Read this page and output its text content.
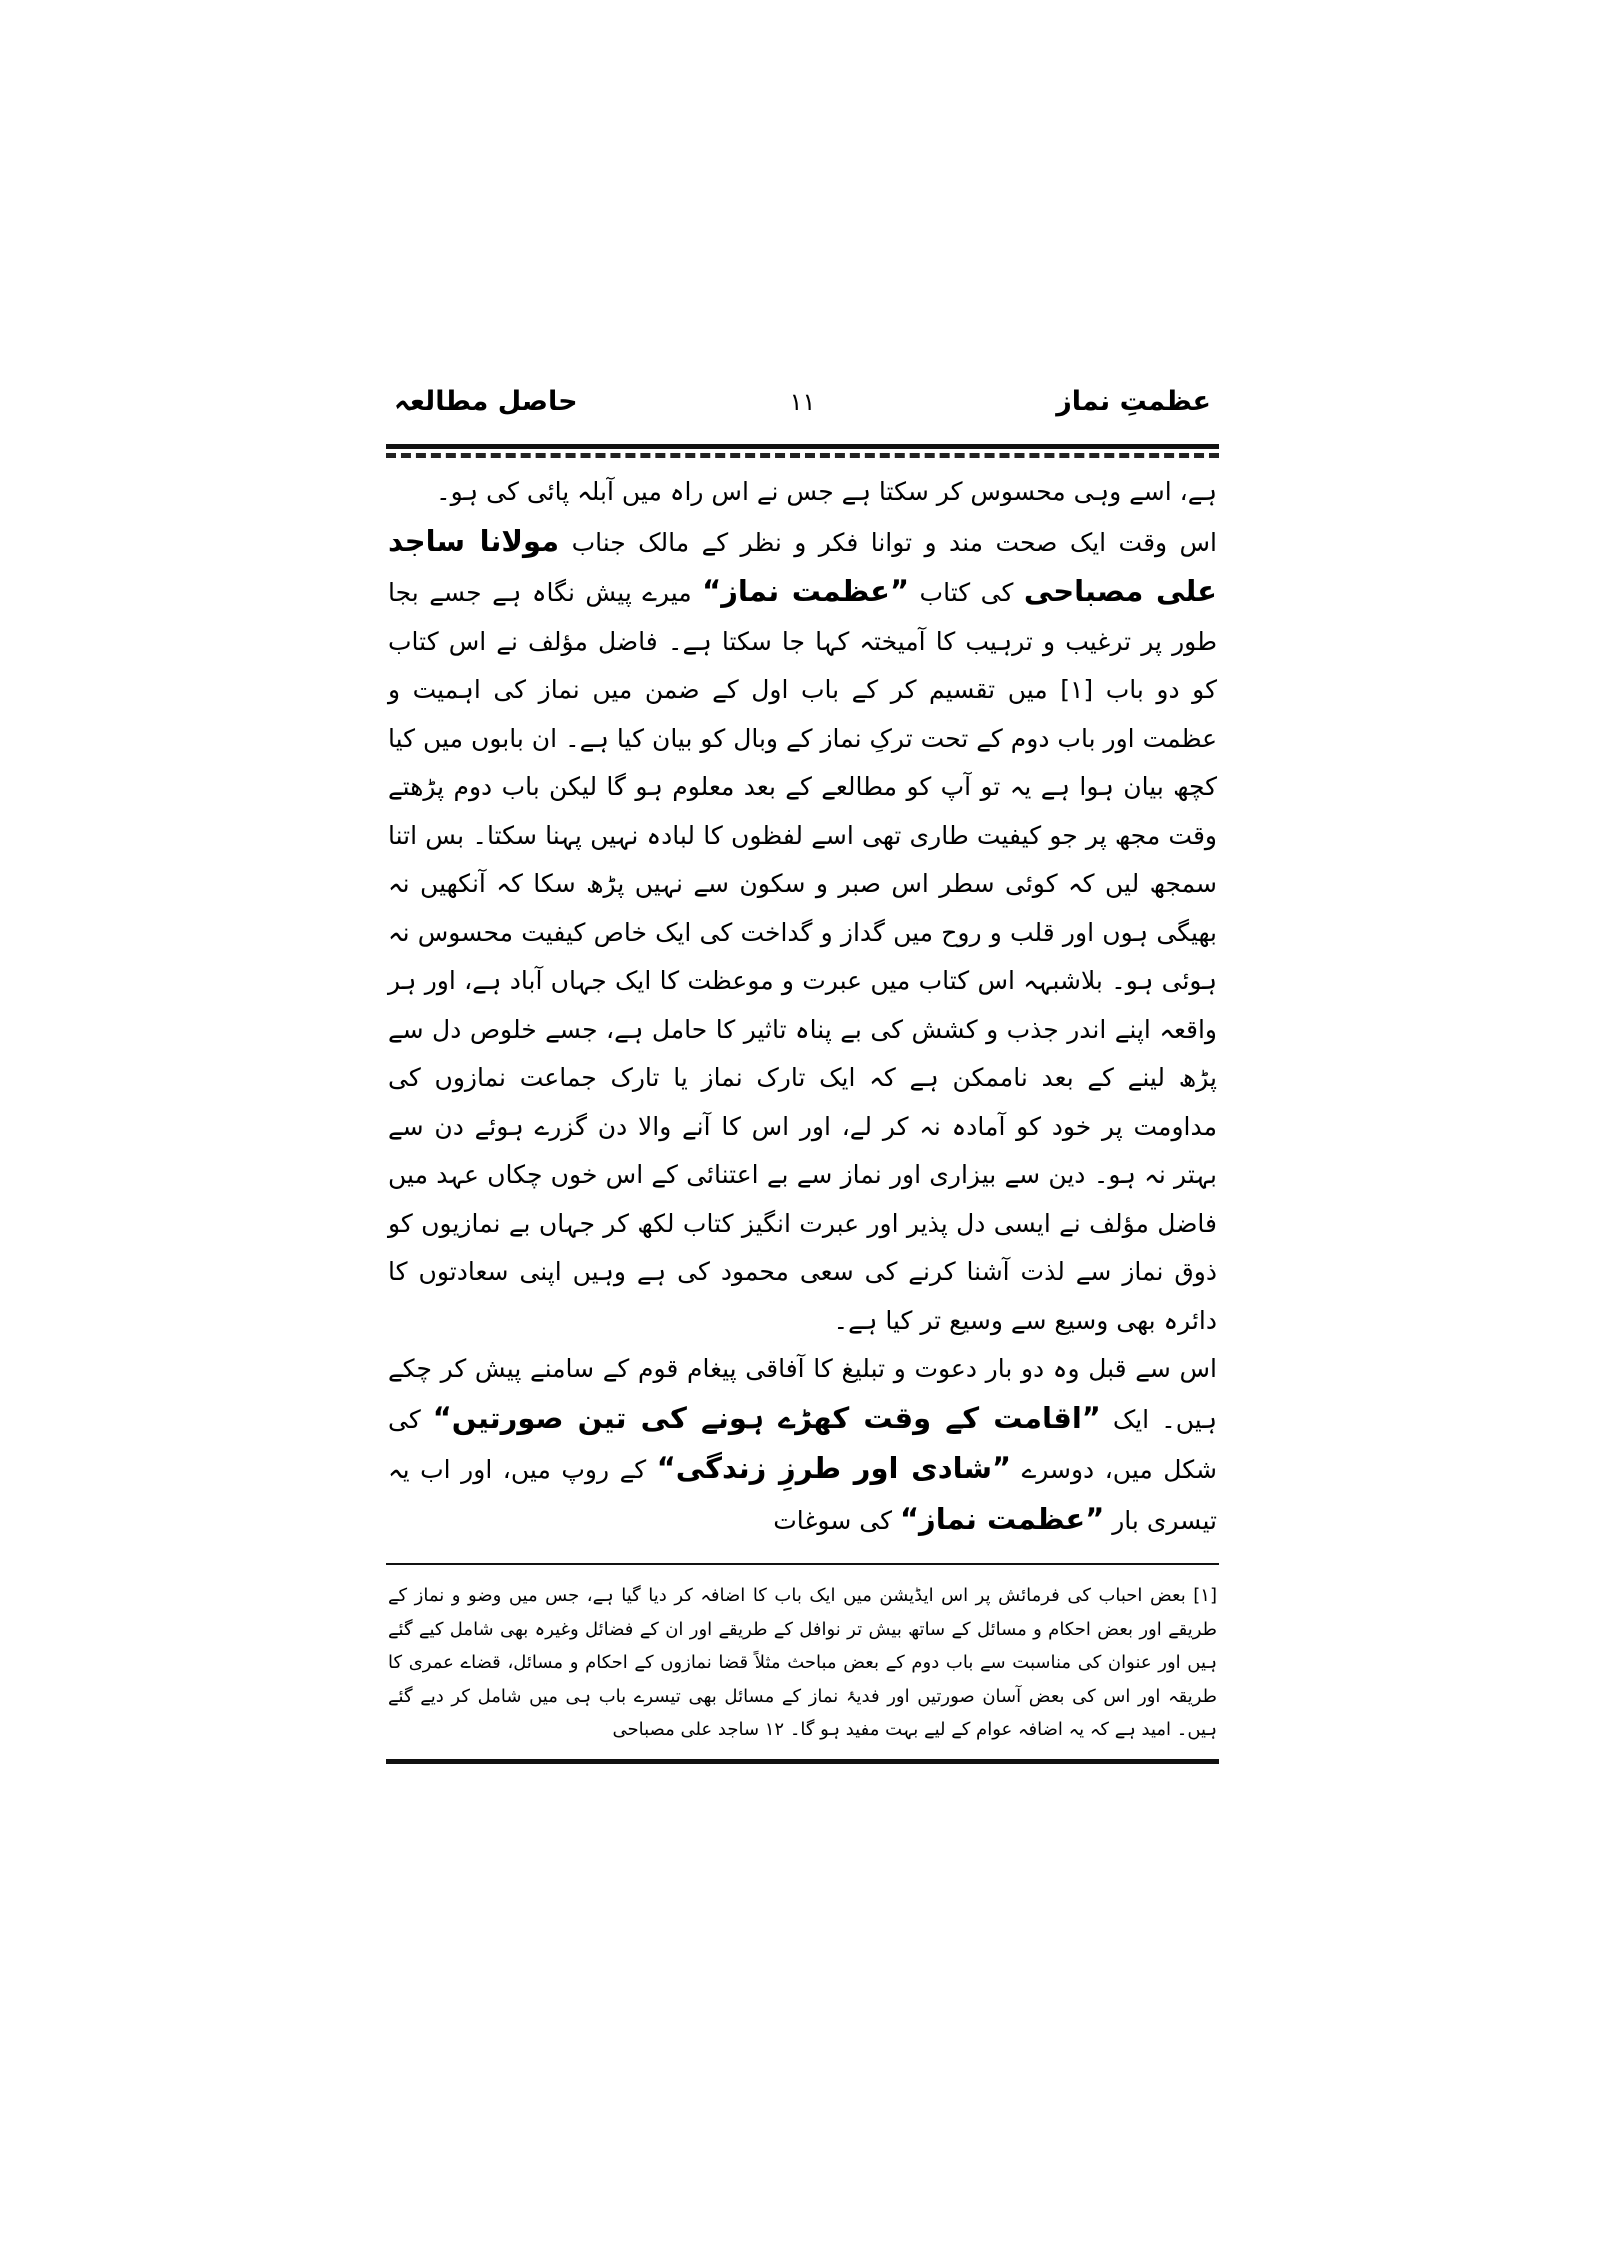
عظمتِ نماز
۱۱
حاصل مطالعہ

ہے، اسے وہی محسوس کر سکتا ہے جس نے اس راہ میں آبلہ پائی کی ہو۔

اس وقت ایک صحت مند و توانا فکر و نظر کے مالک جناب مولانا ساجد علی مصباحی کی کتاب ”عظمت نماز“ میرے پیش نگاہ ہے جسے بجا طور پر ترغیب و ترہیب کا آمیختہ کہا جا سکتا ہے۔ فاضل مؤلف نے اس کتاب کو دو باب [۱] میں تقسیم کر کے باب اول کے ضمن میں نماز کی اہمیت و عظمت اور باب دوم کے تحت ترکِ نماز کے وبال کو بیان کیا ہے۔ ان بابوں میں کیا کچھ بیان ہوا ہے یہ تو آپ کو مطالعے کے بعد معلوم ہو گا لیکن باب دوم پڑھتے وقت مجھ پر جو کیفیت طاری تھی اسے لفظوں کا لبادہ نہیں پہنا سکتا۔ بس اتنا سمجھ لیں کہ کوئی سطر اس صبر و سکون سے نہیں پڑھ سکا کہ آنکھیں نہ بھیگی ہوں اور قلب و روح میں گداز و گداخت کی ایک خاص کیفیت محسوس نہ ہوئی ہو۔ بلاشبہہ اس کتاب میں عبرت و موعظت کا ایک جہاں آباد ہے، اور ہر واقعہ اپنے اندر جذب و کشش کی بے پناہ تاثیر کا حامل ہے، جسے خلوص دل سے پڑھ لینے کے بعد ناممکن ہے کہ ایک تارک نماز یا تارک جماعت نمازوں کی مداومت پر خود کو آمادہ نہ کر لے، اور اس کا آنے والا دن گزرے ہوئے دن سے بہتر نہ ہو۔ دین سے بیزاری اور نماز سے بے اعتنائی کے اس خوں چکاں عہد میں فاضل مؤلف نے ایسی دل پذیر اور عبرت انگیز کتاب لکھ کر جہاں بے نمازیوں کو ذوق نماز سے لذت آشنا کرنے کی سعی محمود کی ہے وہیں اپنی سعادتوں کا دائرہ بھی وسیع سے وسیع تر کیا ہے۔

اس سے قبل وہ دو بار دعوت و تبلیغ کا آفاقی پیغام قوم کے سامنے پیش کر چکے ہیں۔ ایک ”اقامت کے وقت کھڑے ہونے کی تین صورتیں“ کی شکل میں، دوسرے ”شادی اور طرزِ زندگی“ کے روپ میں، اور اب یہ تیسری بار ”عظمت نماز“ کی سوغات

[۱] بعض احباب کی فرمائش پر اس ایڈیشن میں ایک باب کا اضافہ کر دیا گیا ہے، جس میں وضو و نماز کے طریقے اور بعض احکام و مسائل کے ساتھ بیش تر نوافل کے طریقے اور ان کے فضائل وغیرہ بھی شامل کیے گئے ہیں اور عنوان کی مناسبت سے باب دوم کے بعض مباحث مثلاً قضا نمازوں کے احکام و مسائل، قضاے عمری کا طریقہ اور اس کی بعض آسان صورتیں اور فدیۂ نماز کے مسائل بھی تیسرے باب ہی میں شامل کر دیے گئے ہیں۔ امید ہے کہ یہ اضافہ عوام کے لیے بہت مفید ہو گا۔ ۱۲ ساجد علی مصباحی
